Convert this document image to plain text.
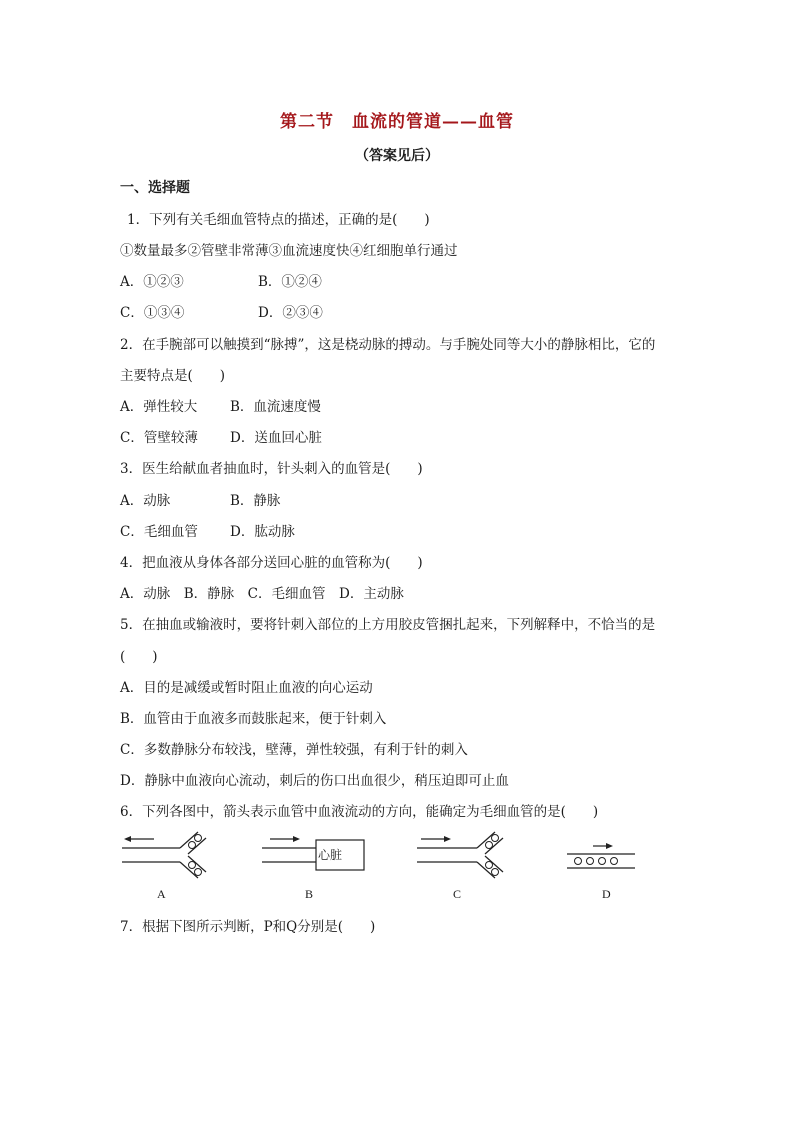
第二节　血流的管道——血管
（答案见后）
一、选择题
1．下列有关毛细血管特点的描述，正确的是(　　)
①数量最多②管壁非常薄③血流速度快④红细胞单行通过
A．①②③	B．①②④
C．①③④	D．②③④
2．在手腕部可以触摸到“脉搏”，这是桡动脉的搏动。与手腕处同等大小的静脉相比，它的
主要特点是(　　)
A．弹性较大 B．血流速度慢
C．管壁较薄 D．送血回心脏
3．医生给献血者抽血时，针头刺入的血管是(　　)
A．动脉	B．静脉
C．毛细血管 D．肱动脉
4．把血液从身体各部分送回心脏的血管称为(　　)
A．动脉　B．静脉　C．毛细血管　D．主动脉
5．在抽血或输液时，要将针刺入部位的上方用胶皮管捆扎起来，下列解释中，不恰当的是
(　　)
A．目的是减缓或暂时阻止血液的向心运动
B．血管由于血液多而鼓胀起来，便于针刺入
C．多数静脉分布较浅，壁薄，弹性较强，有利于针的刺入
D．静脉中血液向心流动，刺后的伤口出血很少，稍压迫即可止血
6．下列各图中，箭头表示血管中血液流动的方向，能确定为毛细血管的是(　　)
A
心脏
B	C	D
7．根据下图所示判断，P和Q分别是(　　)
